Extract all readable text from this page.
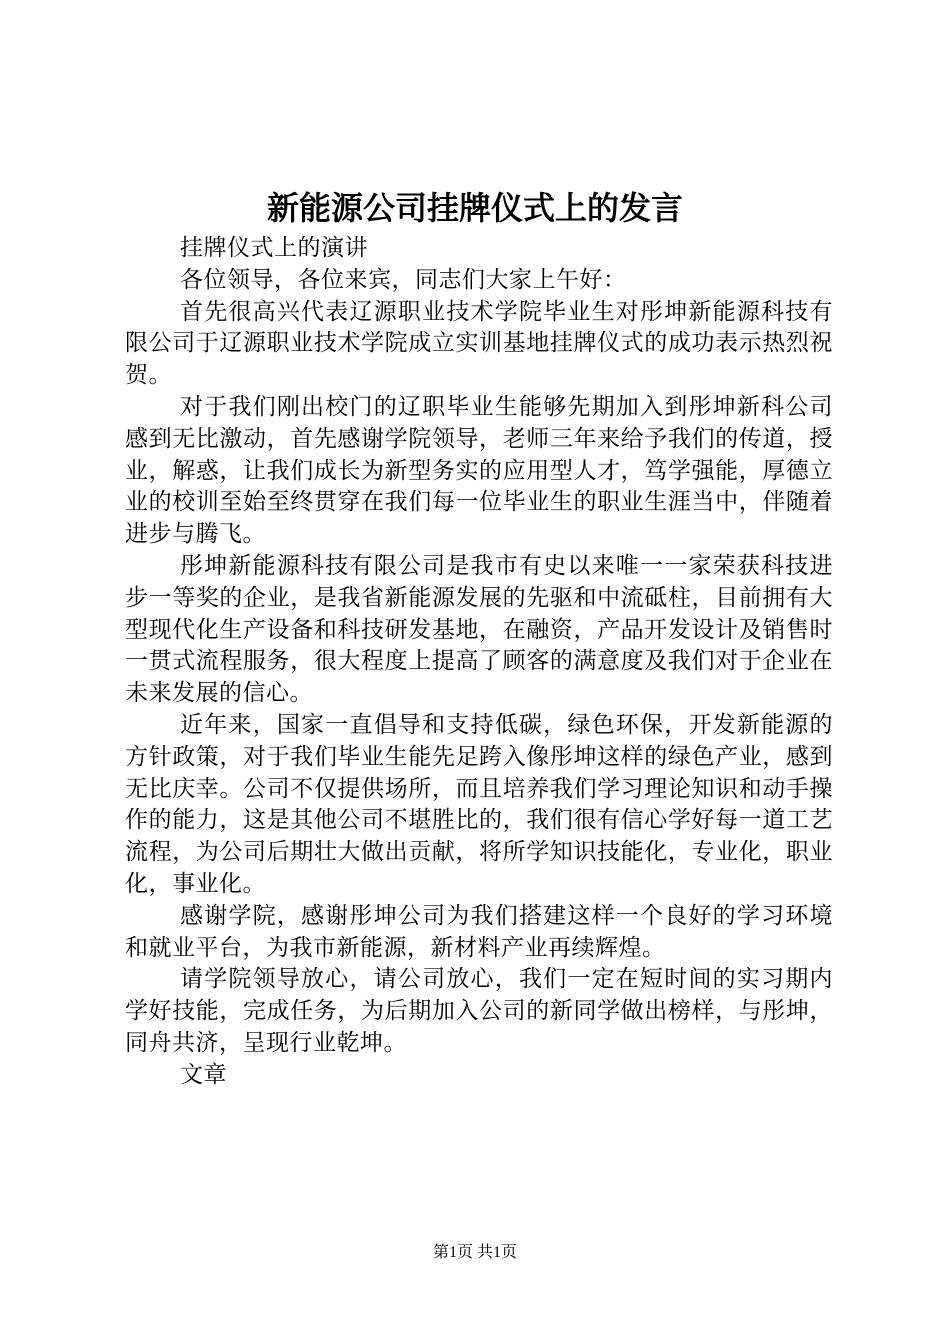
新能源公司挂牌仪式上的发言

挂牌仪式上的演讲

各位领导，各位来宾，同志们大家上午好：

首先很高兴代表辽源职业技术学院毕业生对彤坤新能源科技有限公司于辽源职业技术学院成立实训基地挂牌仪式的成功表示热烈祝贺。

对于我们刚出校门的辽职毕业生能够先期加入到彤坤新科公司感到无比激动，首先感谢学院领导，老师三年来给予我们的传道，授业，解惑，让我们成长为新型务实的应用型人才，笃学强能，厚德立业的校训至始至终贯穿在我们每一位毕业生的职业生涯当中，伴随着进步与腾飞。

彤坤新能源科技有限公司是我市有史以来唯一一家荣获科技进步一等奖的企业，是我省新能源发展的先驱和中流砥柱，目前拥有大型现代化生产设备和科技研发基地，在融资，产品开发设计及销售时一贯式流程服务，很大程度上提高了顾客的满意度及我们对于企业在未来发展的信心。

近年来，国家一直倡导和支持低碳，绿色环保，开发新能源的方针政策，对于我们毕业生能先足跨入像彤坤这样的绿色产业，感到无比庆幸。公司不仅提供场所，而且培养我们学习理论知识和动手操作的能力，这是其他公司不堪胜比的，我们很有信心学好每一道工艺流程，为公司后期壮大做出贡献，将所学知识技能化，专业化，职业化，事业化。

感谢学院，感谢彤坤公司为我们搭建这样一个良好的学习环境和就业平台，为我市新能源，新材料产业再续辉煌。

请学院领导放心，请公司放心，我们一定在短时间的实习期内学好技能，完成任务，为后期加入公司的新同学做出榜样，与彤坤，同舟共济，呈现行业乾坤。

文章

第1页 共1页
